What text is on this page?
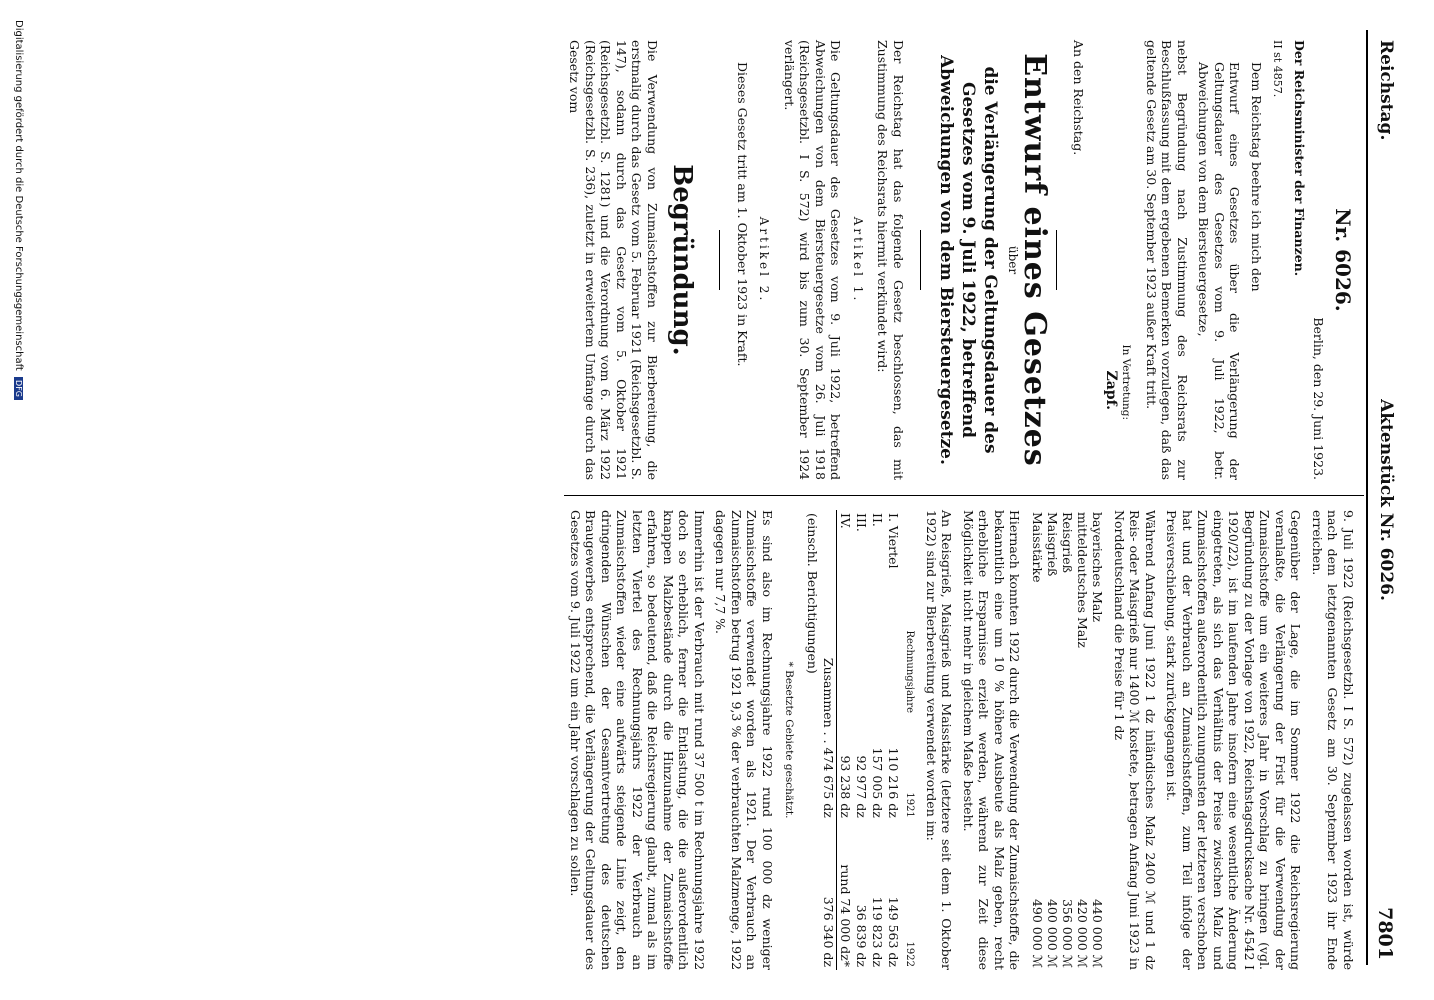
Reichstag.
Aktenstück Nr. 6026.
7801
Nr. 6026.
Berlin, den 29. Juni 1923.

Der Reichsminister der Finanzen.

II st 4857.

Dem Reichstag beehre ich mich den

Entwurf eines Gesetzes über die Verlängerung der Geltungsdauer des Gesetzes vom 9. Juli 1922, betr. Abweichungen von dem Biersteuergesetze,

nebst Begründung nach Zustimmung des Reichsrats zur Beschlußfassung mit dem ergebenen Bemerken vorzulegen, daß das geltende Gesetz am 30. September 1923 außer Kraft tritt.

In Vertretung:
Zapf.

An den Reichstag.

Entwurf eines Gesetzes
über
die Verlängerung der Geltungsdauer des Gesetzes vom 9. Juli 1922, betreffend Abweichungen von dem Biersteuergesetze.

Der Reichstag hat das folgende Gesetz beschlossen, das mit Zustimmung des Reichsrats hiermit verkündet wird:

Artikel 1.

Die Geltungsdauer des Gesetzes vom 9. Juli 1922, betreffend Abweichungen von dem Biersteuergesetze vom 26. Juli 1918 (Reichsgesetzbl. I S. 572) wird bis zum 30. September 1924 verlängert.

Artikel 2.

Dieses Gesetz tritt am 1. Oktober 1923 in Kraft.

Begründung.

Die Verwendung von Zumaischstoffen zur Bierbereitung, die erstmalig durch das Gesetz vom 5. Februar 1921 (Reichsgesetzbl. S. 147), sodann durch das Gesetz vom 5. Oktober 1921 (Reichsgesetzbl. S. 1281) und die Verordnung vom 6. März 1922 (Reichsgesetzbl. S. 236), zuletzt in erweitertem Umfange durch das Gesetz vom

9. Juli 1922 (Reichsgesetzbl. I S. 572) zugelassen worden ist, würde nach dem letztgenannten Gesetz am 30. September 1923 ihr Ende erreichen.

Gegenüber der Lage, die im Sommer 1922 die Reichsregierung veranlaßte, die Verlängerung der Frist für die Verwendung der Zumaischstoffe um ein weiteres Jahr in Vorschlag zu bringen (vgl. Begründung zu der Vorlage von 1922, Reichstagsdrucksache Nr. 4542 I 1920/22), ist im laufenden Jahre insofern eine wesentliche Änderung eingetreten, als sich das Verhältnis der Preise zwischen Malz und Zumaischstoffen außerordentlich zuungunsten der letzteren verschoben hat und der Verbrauch an Zumaischstoffen, zum Teil infolge der Preisverschiebung, stark zurückgegangen ist.

Während Anfang Juni 1922 1 dz inländisches Malz 2400 ℳ und 1 dz Reis- oder Maisgrieß nur 1400 ℳ kostete, betragen Anfang Juni 1923 in Norddeutschland die Preise für 1 dz

bayerisches Malz	440 000 ℳ
mitteldeutsches Malz	420 000 ℳ
Reisgrieß	356 000 ℳ
Maisgrieß	400 000 ℳ
Maisstärke	490 000 ℳ

Hiernach konnten 1922 durch die Verwendung der Zumaischstoffe, die bekanntlich eine um 10 % höhere Ausbeute als Malz geben, recht erhebliche Ersparnisse erzielt werden, während zur Zeit diese Möglichkeit nicht mehr in gleichem Maße besteht.

An Reisgrieß, Maisgrieß und Maisstärke (letztere seit dem 1. Oktober 1922) sind zur Bierbereitung verwendet worden im:

	Rechnungsjahre	1921	1922
I. Viertel		110 216 dz	149 563 dz
II.		157 005 dz	119 823 dz
III.		92 977 dz	36 839 dz
IV.		93 238 dz	rund 74 000 dz*
Zusammen . . 474 675 dz			376 340 dz
(einschl. Berichtigungen)			
* Besetzte Gebiete geschätzt.

Es sind also im Rechnungsjahre 1922 rund 100 000 dz weniger Zumaischstoffe verwendet worden als 1921. Der Verbrauch an Zumaischstoffen betrug 1921 9,3 % der verbrauchten Malzmenge, 1922 dagegen nur 7,7 %.

Immerhin ist der Verbrauch mit rund 37 500 t im Rechnungsjahre 1922 doch so erheblich, ferner die Entlastung, die die außerordentlich knappen Malzbestände durch die Hinzunahme der Zumaischstoffe erfahren, so bedeutend, daß die Reichsregierung glaubt, zumal als im letzten Viertel des Rechnungsjahrs 1922 der Verbrauch an Zumaischstoffen wieder eine aufwärts steigende Linie zeigt, den dringenden Wünschen der Gesamtvertretung des deutschen Braugewerbes entsprechend, die Verlängerung der Geltungsdauer des Gesetzes vom 9. Juli 1922 um ein Jahr vorschlagen zu sollen.

Digitalisierung gefördert durch die Deutsche Forschungsgemeinschaft DFG
